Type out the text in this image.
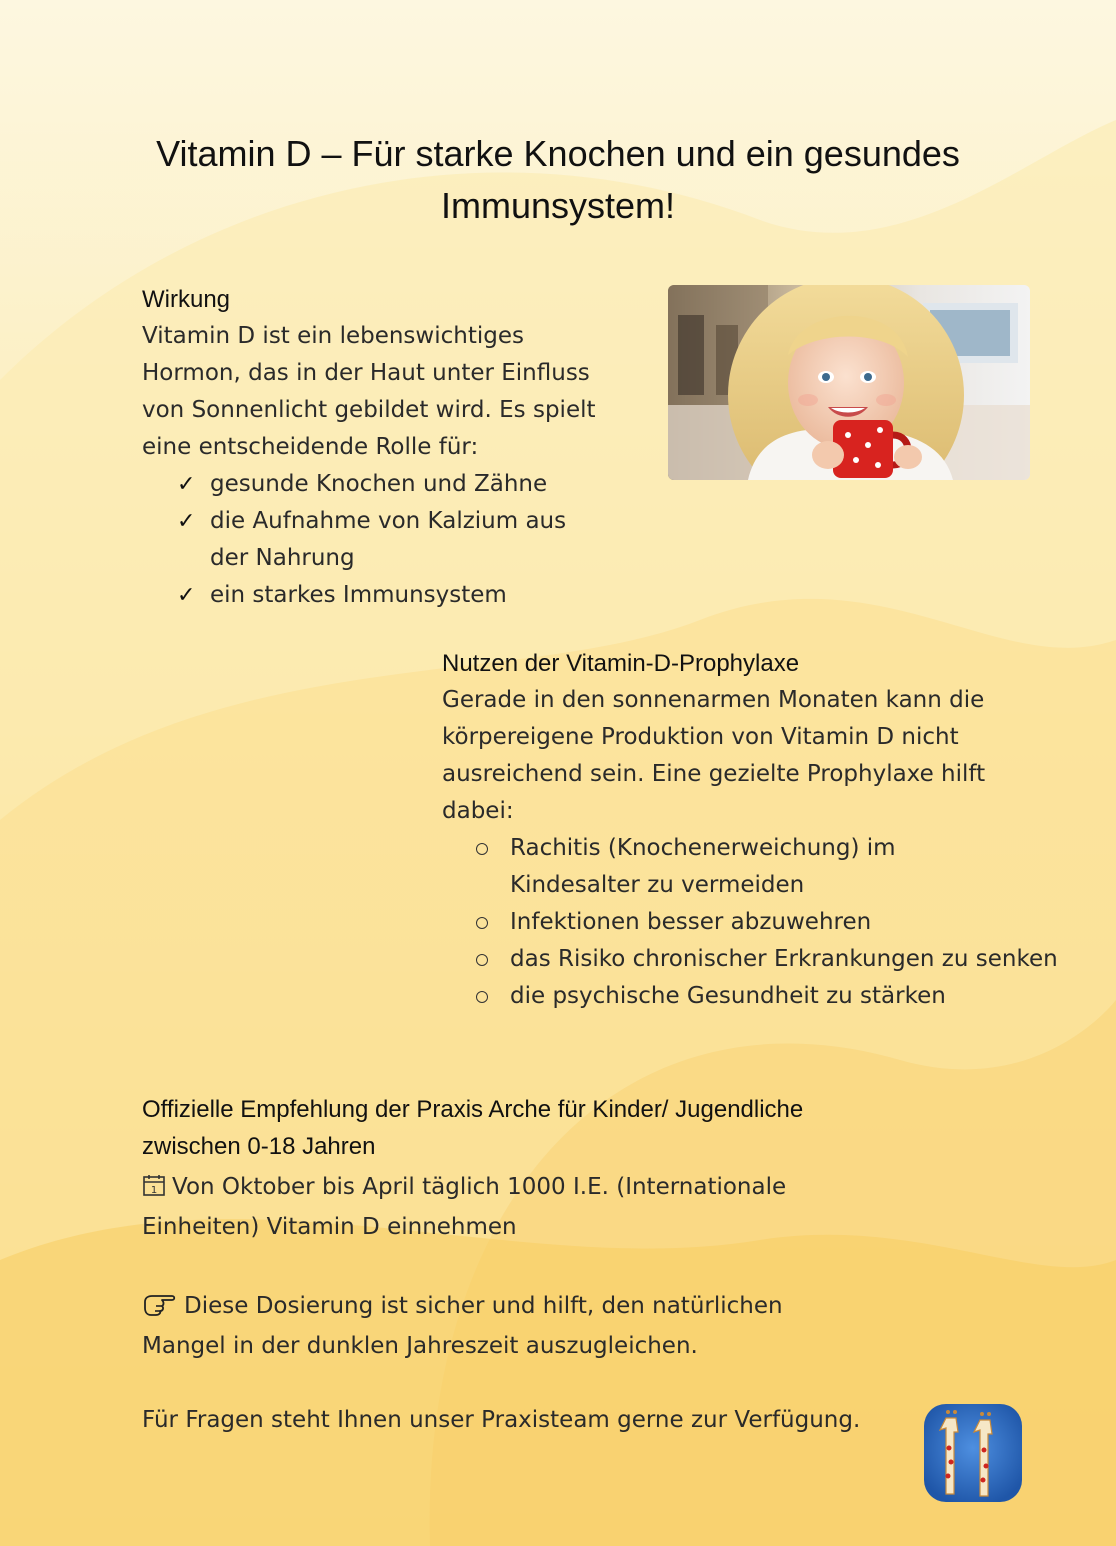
Vitamin D – Für starke Knochen und ein gesundes Immunsystem!
Wirkung

Vitamin D ist ein lebenswichtiges Hormon, das in der Haut unter Einfluss von Sonnenlicht gebildet wird. Es spielt eine entscheidende Rolle für:

✓ gesunde Knochen und Zähne
✓ die Aufnahme von Kalzium aus der Nahrung
✓ ein starkes Immunsystem
Nutzen der Vitamin-D-Prophylaxe

Gerade in den sonnenarmen Monaten kann die körpereigene Produktion von Vitamin D nicht ausreichend sein. Eine gezielte Prophylaxe hilft dabei:

Rachitis (Knochenerweichung) im Kindesalter zu vermeiden
Infektionen besser abzuwehren
das Risiko chronischer Erkrankungen zu senken
die psychische Gesundheit zu stärken
Offizielle Empfehlung der Praxis Arche für Kinder/ Jugendliche zwischen 0-18 Jahren

1 Von Oktober bis April täglich 1000 I.E. (Internationale Einheiten) Vitamin D einnehmen

Diese Dosierung ist sicher und hilft, den natürlichen Mangel in der dunklen Jahreszeit auszugleichen.

Für Fragen steht Ihnen unser Praxisteam gerne zur Verfügung.
